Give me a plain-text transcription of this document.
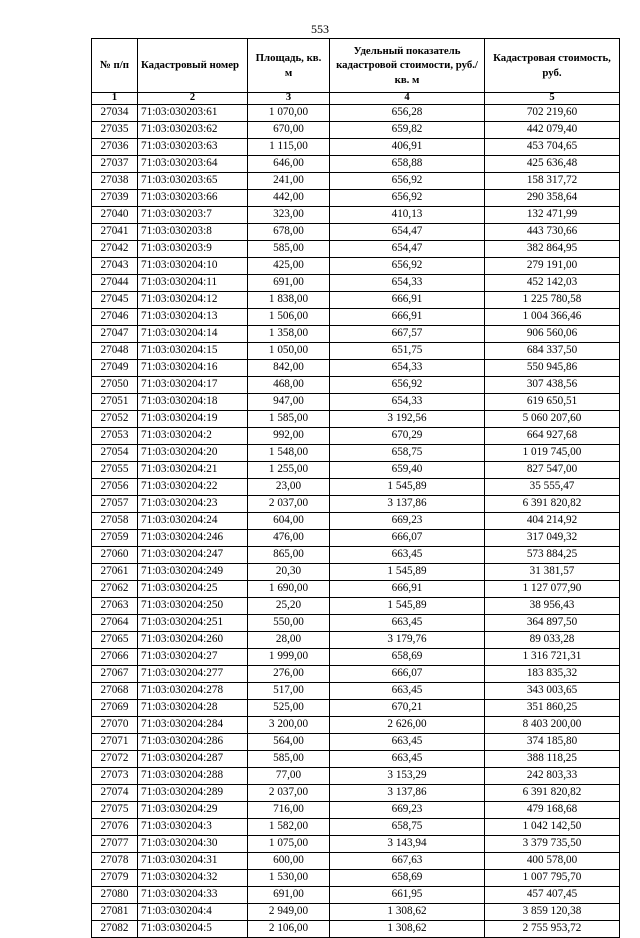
553
№ п/п	Кадастровый номер	Площадь, кв. м	Удельный показатель кадастровой стоимости, руб./кв. м	Кадастровая стоимость, руб.
1	2	3	4	5
27034	71:03:030203:61	1 070,00	656,28	702 219,60
27035	71:03:030203:62	670,00	659,82	442 079,40
27036	71:03:030203:63	1 115,00	406,91	453 704,65
27037	71:03:030203:64	646,00	658,88	425 636,48
27038	71:03:030203:65	241,00	656,92	158 317,72
27039	71:03:030203:66	442,00	656,92	290 358,64
27040	71:03:030203:7	323,00	410,13	132 471,99
27041	71:03:030203:8	678,00	654,47	443 730,66
27042	71:03:030203:9	585,00	654,47	382 864,95
27043	71:03:030204:10	425,00	656,92	279 191,00
27044	71:03:030204:11	691,00	654,33	452 142,03
27045	71:03:030204:12	1 838,00	666,91	1 225 780,58
27046	71:03:030204:13	1 506,00	666,91	1 004 366,46
27047	71:03:030204:14	1 358,00	667,57	906 560,06
27048	71:03:030204:15	1 050,00	651,75	684 337,50
27049	71:03:030204:16	842,00	654,33	550 945,86
27050	71:03:030204:17	468,00	656,92	307 438,56
27051	71:03:030204:18	947,00	654,33	619 650,51
27052	71:03:030204:19	1 585,00	3 192,56	5 060 207,60
27053	71:03:030204:2	992,00	670,29	664 927,68
27054	71:03:030204:20	1 548,00	658,75	1 019 745,00
27055	71:03:030204:21	1 255,00	659,40	827 547,00
27056	71:03:030204:22	23,00	1 545,89	35 555,47
27057	71:03:030204:23	2 037,00	3 137,86	6 391 820,82
27058	71:03:030204:24	604,00	669,23	404 214,92
27059	71:03:030204:246	476,00	666,07	317 049,32
27060	71:03:030204:247	865,00	663,45	573 884,25
27061	71:03:030204:249	20,30	1 545,89	31 381,57
27062	71:03:030204:25	1 690,00	666,91	1 127 077,90
27063	71:03:030204:250	25,20	1 545,89	38 956,43
27064	71:03:030204:251	550,00	663,45	364 897,50
27065	71:03:030204:260	28,00	3 179,76	89 033,28
27066	71:03:030204:27	1 999,00	658,69	1 316 721,31
27067	71:03:030204:277	276,00	666,07	183 835,32
27068	71:03:030204:278	517,00	663,45	343 003,65
27069	71:03:030204:28	525,00	670,21	351 860,25
27070	71:03:030204:284	3 200,00	2 626,00	8 403 200,00
27071	71:03:030204:286	564,00	663,45	374 185,80
27072	71:03:030204:287	585,00	663,45	388 118,25
27073	71:03:030204:288	77,00	3 153,29	242 803,33
27074	71:03:030204:289	2 037,00	3 137,86	6 391 820,82
27075	71:03:030204:29	716,00	669,23	479 168,68
27076	71:03:030204:3	1 582,00	658,75	1 042 142,50
27077	71:03:030204:30	1 075,00	3 143,94	3 379 735,50
27078	71:03:030204:31	600,00	667,63	400 578,00
27079	71:03:030204:32	1 530,00	658,69	1 007 795,70
27080	71:03:030204:33	691,00	661,95	457 407,45
27081	71:03:030204:4	2 949,00	1 308,62	3 859 120,38
27082	71:03:030204:5	2 106,00	1 308,62	2 755 953,72
